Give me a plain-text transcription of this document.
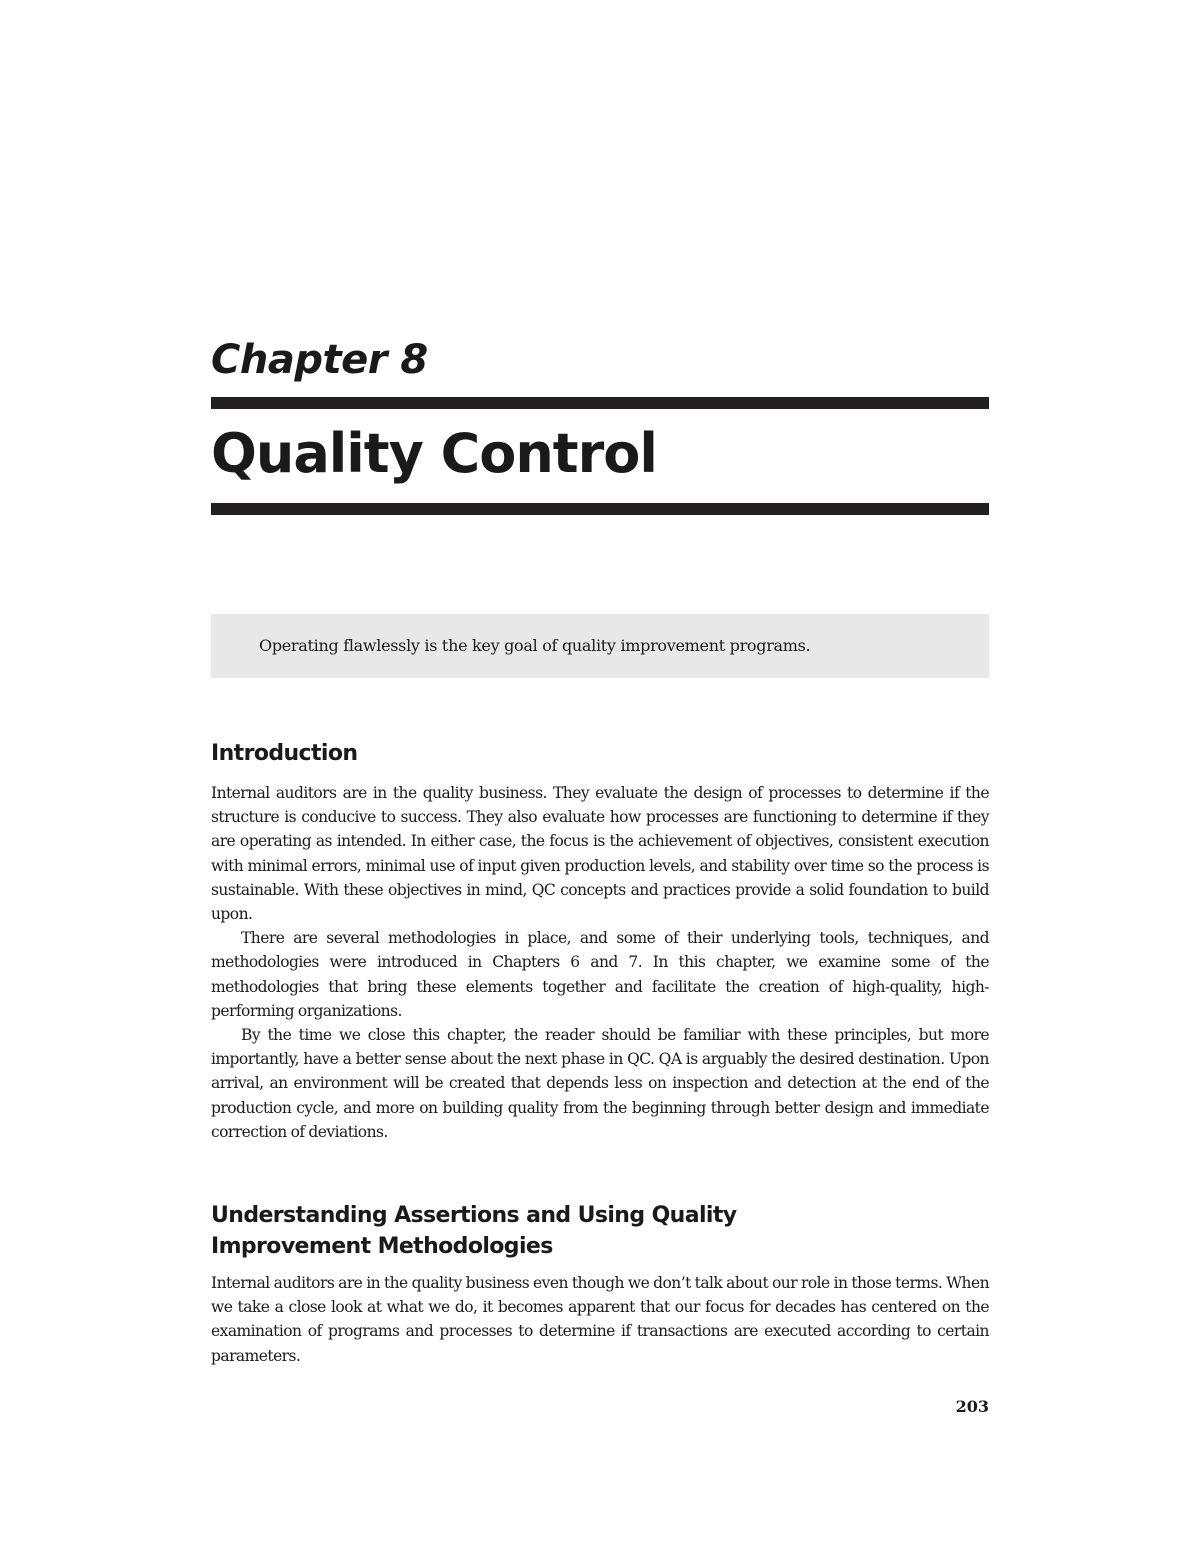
Chapter 8
Quality Control
Operating flawlessly is the key goal of quality improvement programs.
Introduction

Internal auditors are in the quality business. They evaluate the design of processes to determine if the structure is conducive to success. They also evaluate how processes are functioning to determine if they are operating as intended. In either case, the focus is the achievement of objectives, consistent execution with minimal errors, minimal use of input given production levels, and stability over time so the process is sustainable. With these objectives in mind, QC concepts and practices provide a solid foundation to build upon.

There are several methodologies in place, and some of their underlying tools, techniques, and methodologies were introduced in Chapters 6 and 7. In this chapter, we examine some of the methodologies that bring these elements together and facilitate the creation of high-quality, high-performing organizations.

By the time we close this chapter, the reader should be familiar with these principles, but more importantly, have a better sense about the next phase in QC. QA is arguably the desired destination. Upon arrival, an environment will be created that depends less on inspection and detection at the end of the production cycle, and more on building quality from the beginning through better design and immediate correction of deviations.

Understanding Assertions and Using Quality Improvement Methodologies

Internal auditors are in the quality business even though we don’t talk about our role in those terms. When we take a close look at what we do, it becomes apparent that our focus for decades has centered on the examination of programs and processes to determine if transactions are executed according to certain parameters.

203
